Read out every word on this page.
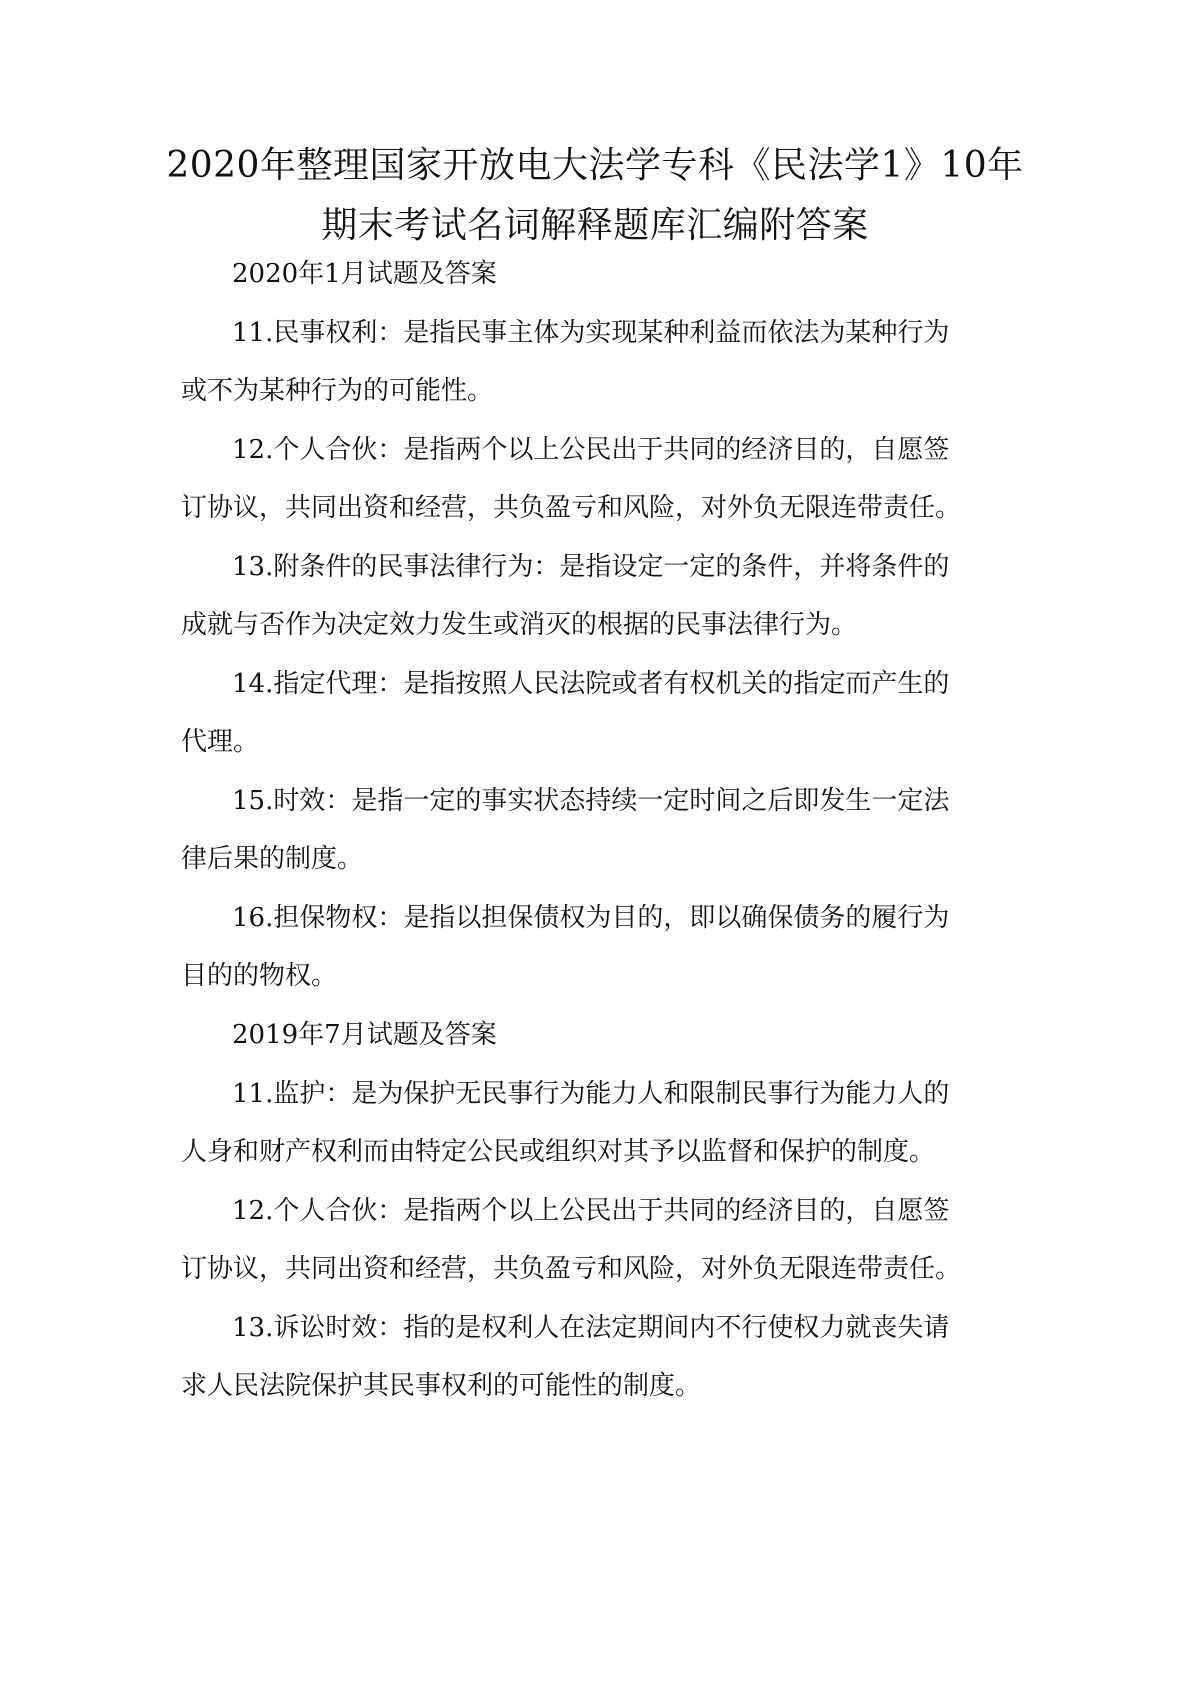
2020年整理国家开放电大法学专科《民法学1》10年
期末考试名词解释题库汇编附答案

2020年1月试题及答案

11.民事权利：是指民事主体为实现某种利益而依法为某种行为

或不为某种行为的可能性。

12.个人合伙：是指两个以上公民出于共同的经济目的，自愿签

订协议，共同出资和经营，共负盈亏和风险，对外负无限连带责任。

13.附条件的民事法律行为：是指设定一定的条件，并将条件的

成就与否作为决定效力发生或消灭的根据的民事法律行为。

14.指定代理：是指按照人民法院或者有权机关的指定而产生的

代理。

15.时效：是指一定的事实状态持续一定时间之后即发生一定法

律后果的制度。

16.担保物权：是指以担保债权为目的，即以确保债务的履行为

目的的物权。

2019年7月试题及答案

11.监护：是为保护无民事行为能力人和限制民事行为能力人的

人身和财产权利而由特定公民或组织对其予以监督和保护的制度。

12.个人合伙：是指两个以上公民出于共同的经济目的，自愿签

订协议，共同出资和经营，共负盈亏和风险，对外负无限连带责任。

13.诉讼时效：指的是权利人在法定期间内不行使权力就丧失请

求人民法院保护其民事权利的可能性的制度。
